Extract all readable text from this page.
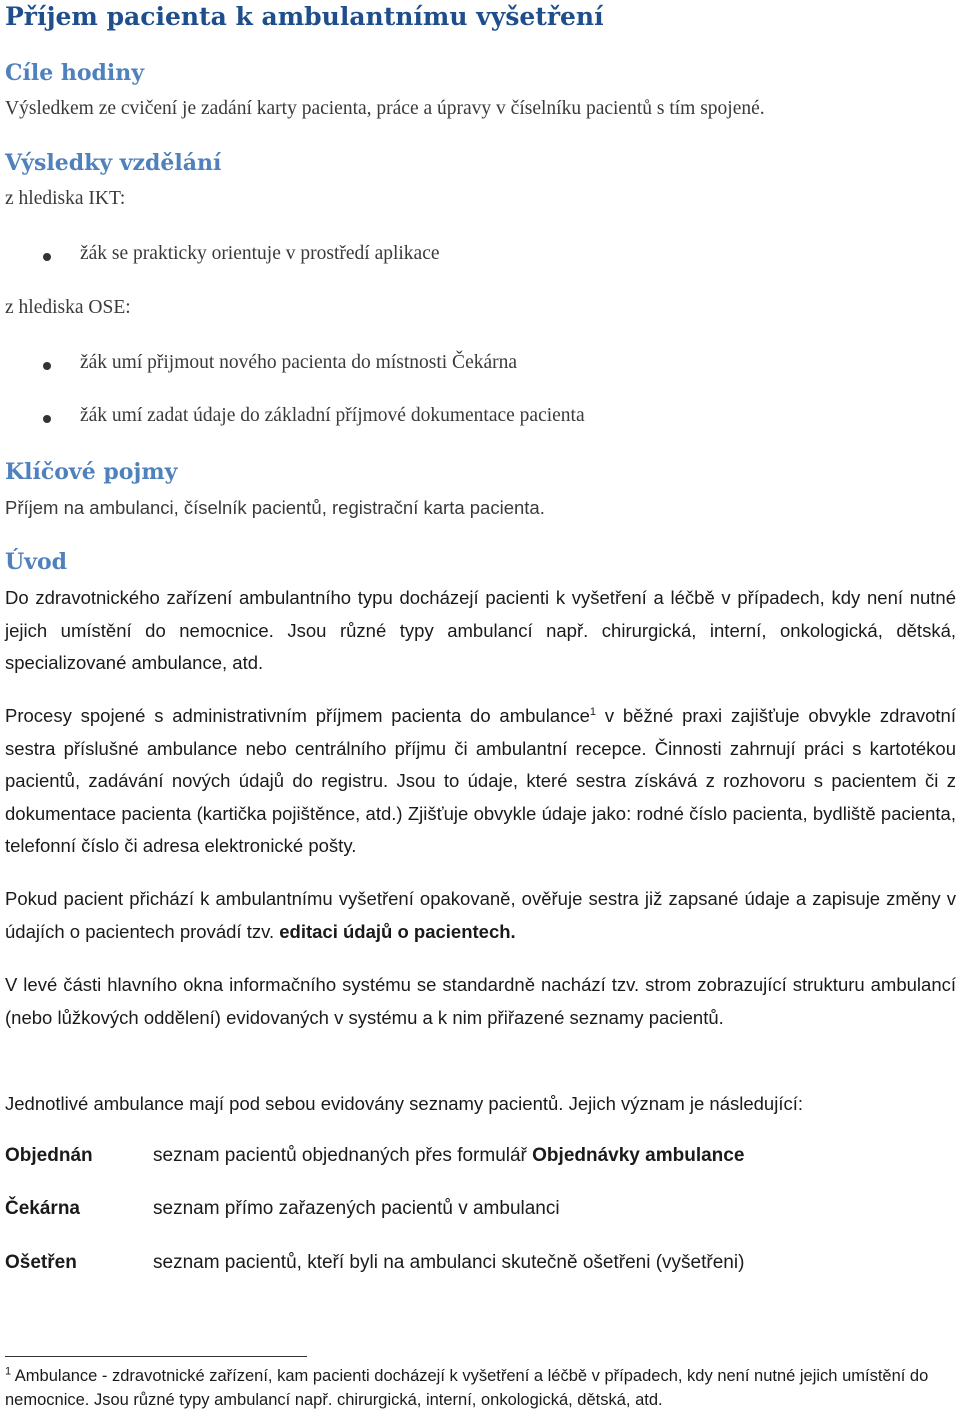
Příjem pacienta k ambulantnímu vyšetření
Cíle hodiny

Výsledkem ze cvičení je zadání karty pacienta, práce a úpravy v číselníku pacientů s tím spojené.

Výsledky vzdělání

z hlediska IKT:

žák se prakticky orientuje v prostředí aplikace

z hlediska OSE:

žák umí přijmout nového pacienta do místnosti Čekárna

žák umí zadat údaje do základní příjmové dokumentace pacienta

Klíčové pojmy

Příjem na ambulanci, číselník pacientů, registrační karta pacienta.

Úvod

Do zdravotnického zařízení ambulantního typu docházejí pacienti k vyšetření a léčbě v případech, kdy není nutné jejich umístění do nemocnice. Jsou různé typy ambulancí např. chirurgická, interní, onkologická, dětská, specializované ambulance, atd.

Procesy spojené s administrativním příjmem pacienta do ambulance$^1$ v běžné praxi zajišťuje obvykle zdravotní sestra příslušné ambulance nebo centrálního příjmu či ambulantní recepce. Činnosti zahrnují práci s kartotékou pacientů, zadávání nových údajů do registru. Jsou to údaje, které sestra získává z rozhovoru s pacientem či z dokumentace pacienta (kartička pojištěnce, atd.) Zjišťuje obvykle údaje jako: rodné číslo pacienta, bydliště pacienta, telefonní číslo či adresa elektronické pošty.

Pokud pacient přichází k ambulantnímu vyšetření opakovaně, ověřuje sestra již zapsané údaje a zapisuje změny v údajích o pacientech provádí tzv. editaci údajů o pacientech.

V levé části hlavního okna informačního systému se standardně nachází tzv. strom zobrazující strukturu ambulancí (nebo lůžkových oddělení) evidovaných v systému a k nim přiřazené seznamy pacientů.

Jednotlivé ambulance mají pod sebou evidovány seznamy pacientů. Jejich význam je následující:

Objednán	seznam pacientů objednaných přes formulář Objednávky ambulance

Čekárna	seznam přímo zařazených pacientů v ambulanci

Ošetřen	seznam pacientů, kteří byli na ambulanci skutečně ošetřeni (vyšetřeni)

$^1$ Ambulance - zdravotnické zařízení, kam pacienti docházejí k vyšetření a léčbě v případech, kdy není nutné jejich umístění do nemocnice. Jsou různé typy ambulancí např. chirurgická, interní, onkologická, dětská, atd.
